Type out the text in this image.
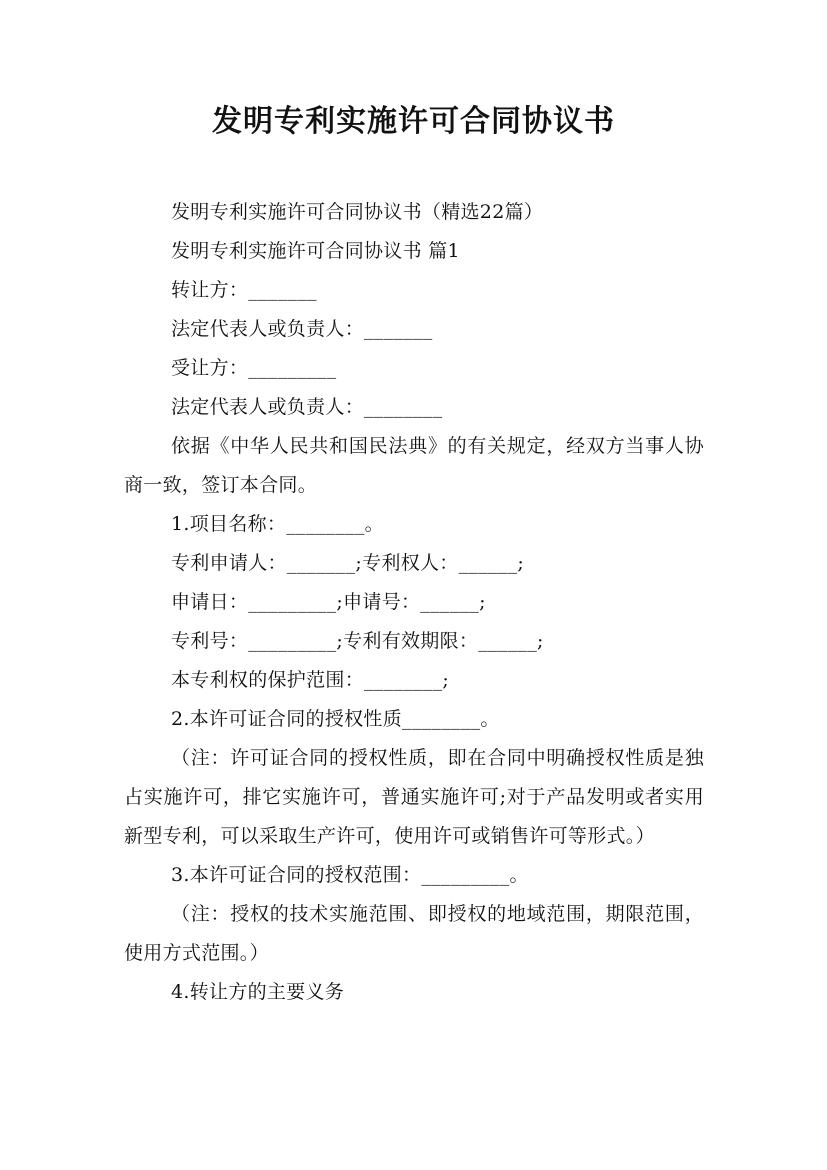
发明专利实施许可合同协议书

发明专利实施许可合同协议书（精选22篇）

发明专利实施许可合同协议书 篇1

转让方：_______

法定代表人或负责人：_______

受让方：_________

法定代表人或负责人：________

依据《中华人民共和国民法典》的有关规定，经双方当事人协商一致，签订本合同。

1.项目名称：________。

专利申请人：_______;专利权人：______;

申请日：_________;申请号：______;

专利号：_________;专利有效期限：______;

本专利权的保护范围：________;

2.本许可证合同的授权性质________。

（注：许可证合同的授权性质，即在合同中明确授权性质是独占实施许可，排它实施许可，普通实施许可;对于产品发明或者实用新型专利，可以采取生产许可，使用许可或销售许可等形式。）

3.本许可证合同的授权范围：_________。

（注：授权的技术实施范围、即授权的地域范围，期限范围，使用方式范围。）

4.转让方的主要义务
